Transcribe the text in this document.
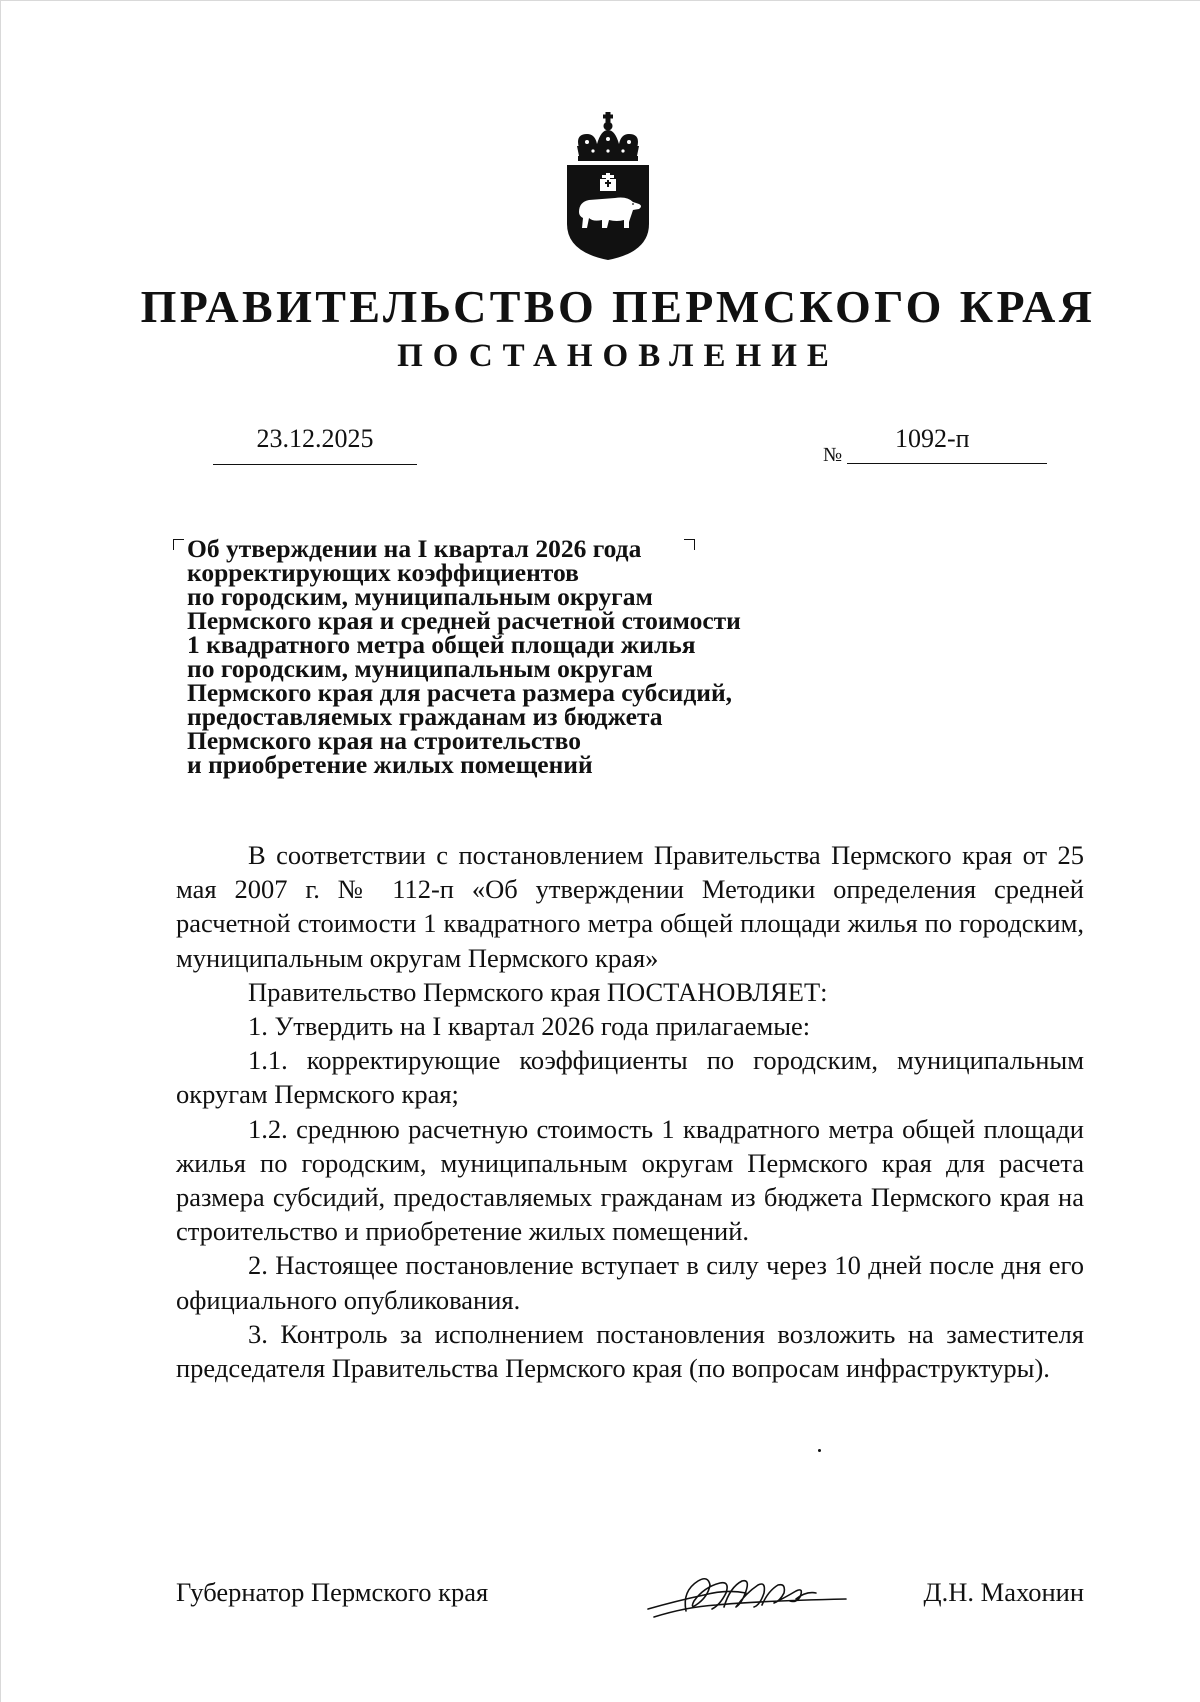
ПРАВИТЕЛЬСТВО ПЕРМСКОГО КРАЯ
ПОСТАНОВЛЕНИЕ
23.12.2025
№
1092-п
Об утверждении на I квартал 2026 года
корректирующих коэффициентов
по городским, муниципальным округам
Пермского края и средней расчетной стоимости
1 квадратного метра общей площади жилья
по городским, муниципальным округам
Пермского края для расчета размера субсидий,
предоставляемых гражданам из бюджета
Пермского края на строительство
и приобретение жилых помещений

В соответствии с постановлением Правительства Пермского края от 25 мая 2007 г. № 112-п «Об утверждении Методики определения средней расчетной стоимости 1 квадратного метра общей площади жилья по городским, муниципальным округам Пермского края»

Правительство Пермского края ПОСТАНОВЛЯЕТ:

1. Утвердить на I квартал 2026 года прилагаемые:

1.1. корректирующие коэффициенты по городским, муниципальным округам Пермского края;

1.2. среднюю расчетную стоимость 1 квадратного метра общей площади жилья по городским, муниципальным округам Пермского края для расчета размера субсидий, предоставляемых гражданам из бюджета Пермского края на строительство и приобретение жилых помещений.

2. Настоящее постановление вступает в силу через 10 дней после дня его официального опубликования.

3. Контроль за исполнением постановления возложить на заместителя председателя Правительства Пермского края (по вопросам инфраструктуры).

Губернатор Пермского края	Д.Н. Махонин
